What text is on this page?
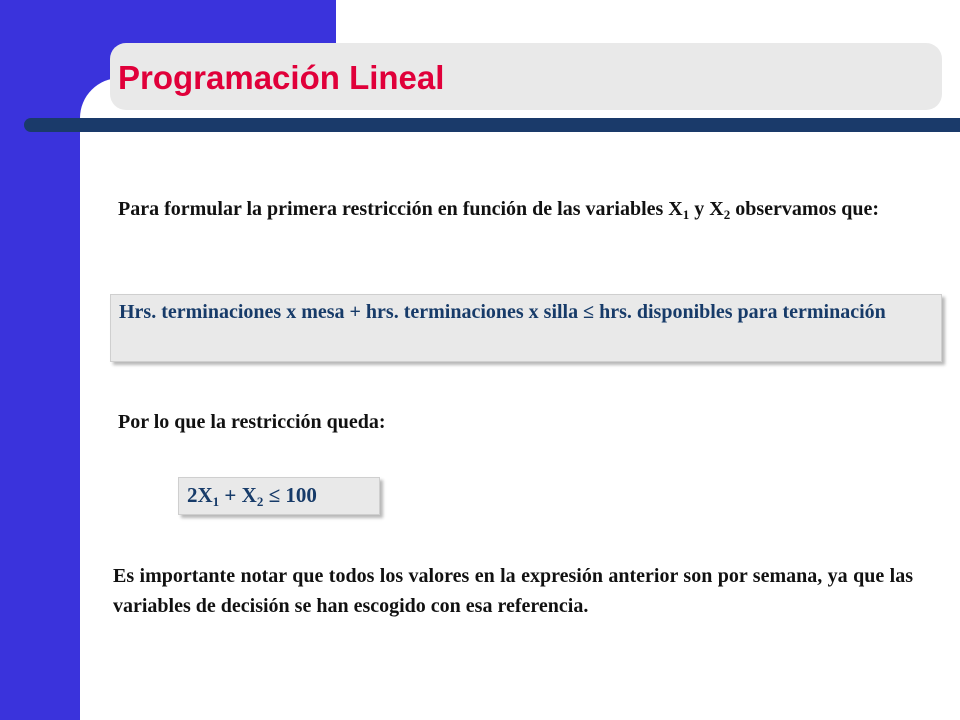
Programación Lineal

Para formular la primera restricción en función de las variables $X_1$ y $X_2$ observamos que:

Hrs. terminaciones x mesa + hrs. terminaciones x silla ≤ hrs. disponibles para terminación

Por lo que la restricción queda:

$2X_1 + X_2 \le 100$

Es importante notar que todos los valores en la expresión anterior son por semana, ya que las variables de decisión se han escogido con esa referencia.
